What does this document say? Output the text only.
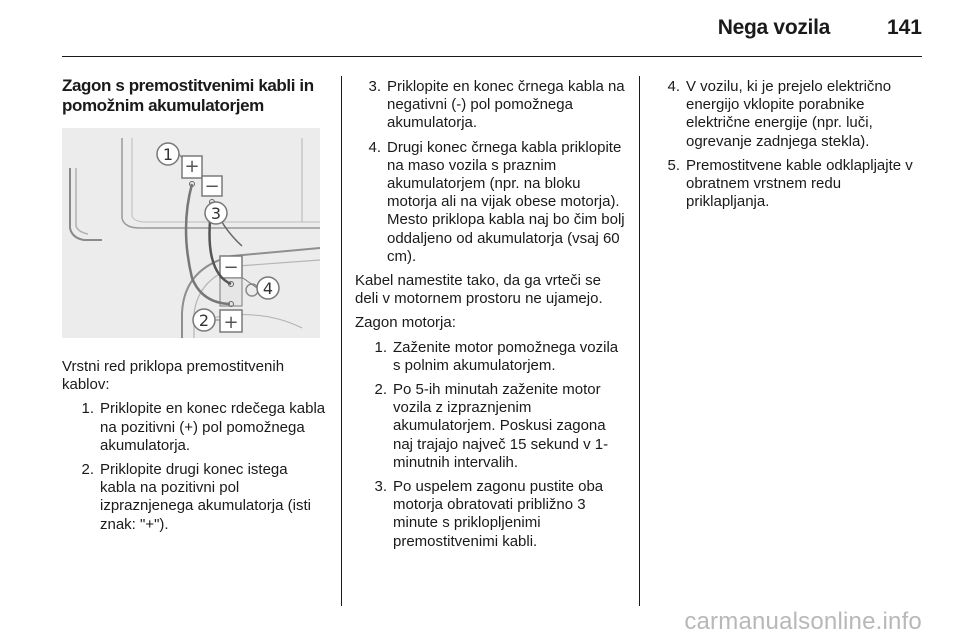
Nega vozila	141
Zagon s premostitvenimi kabli in pomožnim akumulatorjem
+
−
−
+
1
3
4
2

Vrstni red priklopa premostitvenih kablov:

1. Priklopite en konec rdečega kabla na pozitivni (+) pol pomožnega akumulatorja.
2. Priklopite drugi konec istega kabla na pozitivni pol izpraznjenega akumulatorja (isti znak: "+").
3. Priklopite en konec črnega kabla na negativni (-) pol pomožnega akumulatorja.
4. Drugi konec črnega kabla priklopite na maso vozila s praznim akumulatorjem (npr. na bloku motorja ali na vijak obese motorja). Mesto priklopa kabla naj bo čim bolj oddaljeno od akumulatorja (vsaj 60 cm).

Kabel namestite tako, da ga vrteči se deli v motornem prostoru ne ujamejo.

Zagon motorja:

1. Zaženite motor pomožnega vozila s polnim akumulatorjem.
2. Po 5-ih minutah zaženite motor vozila z izpraznjenim akumulatorjem. Poskusi zagona naj trajajo največ 15 sekund v 1-minutnih intervalih.
3. Po uspelem zagonu pustite oba motorja obratovati približno 3 minute s priklopljenimi premostitvenimi kabli.
4. V vozilu, ki je prejelo električno energijo vklopite porabnike električne energije (npr. luči, ogrevanje zadnjega stekla).
5. Premostitvene kable odklapljajte v obratnem vrstnem redu priklapljanja.
carmanualsonline.info
